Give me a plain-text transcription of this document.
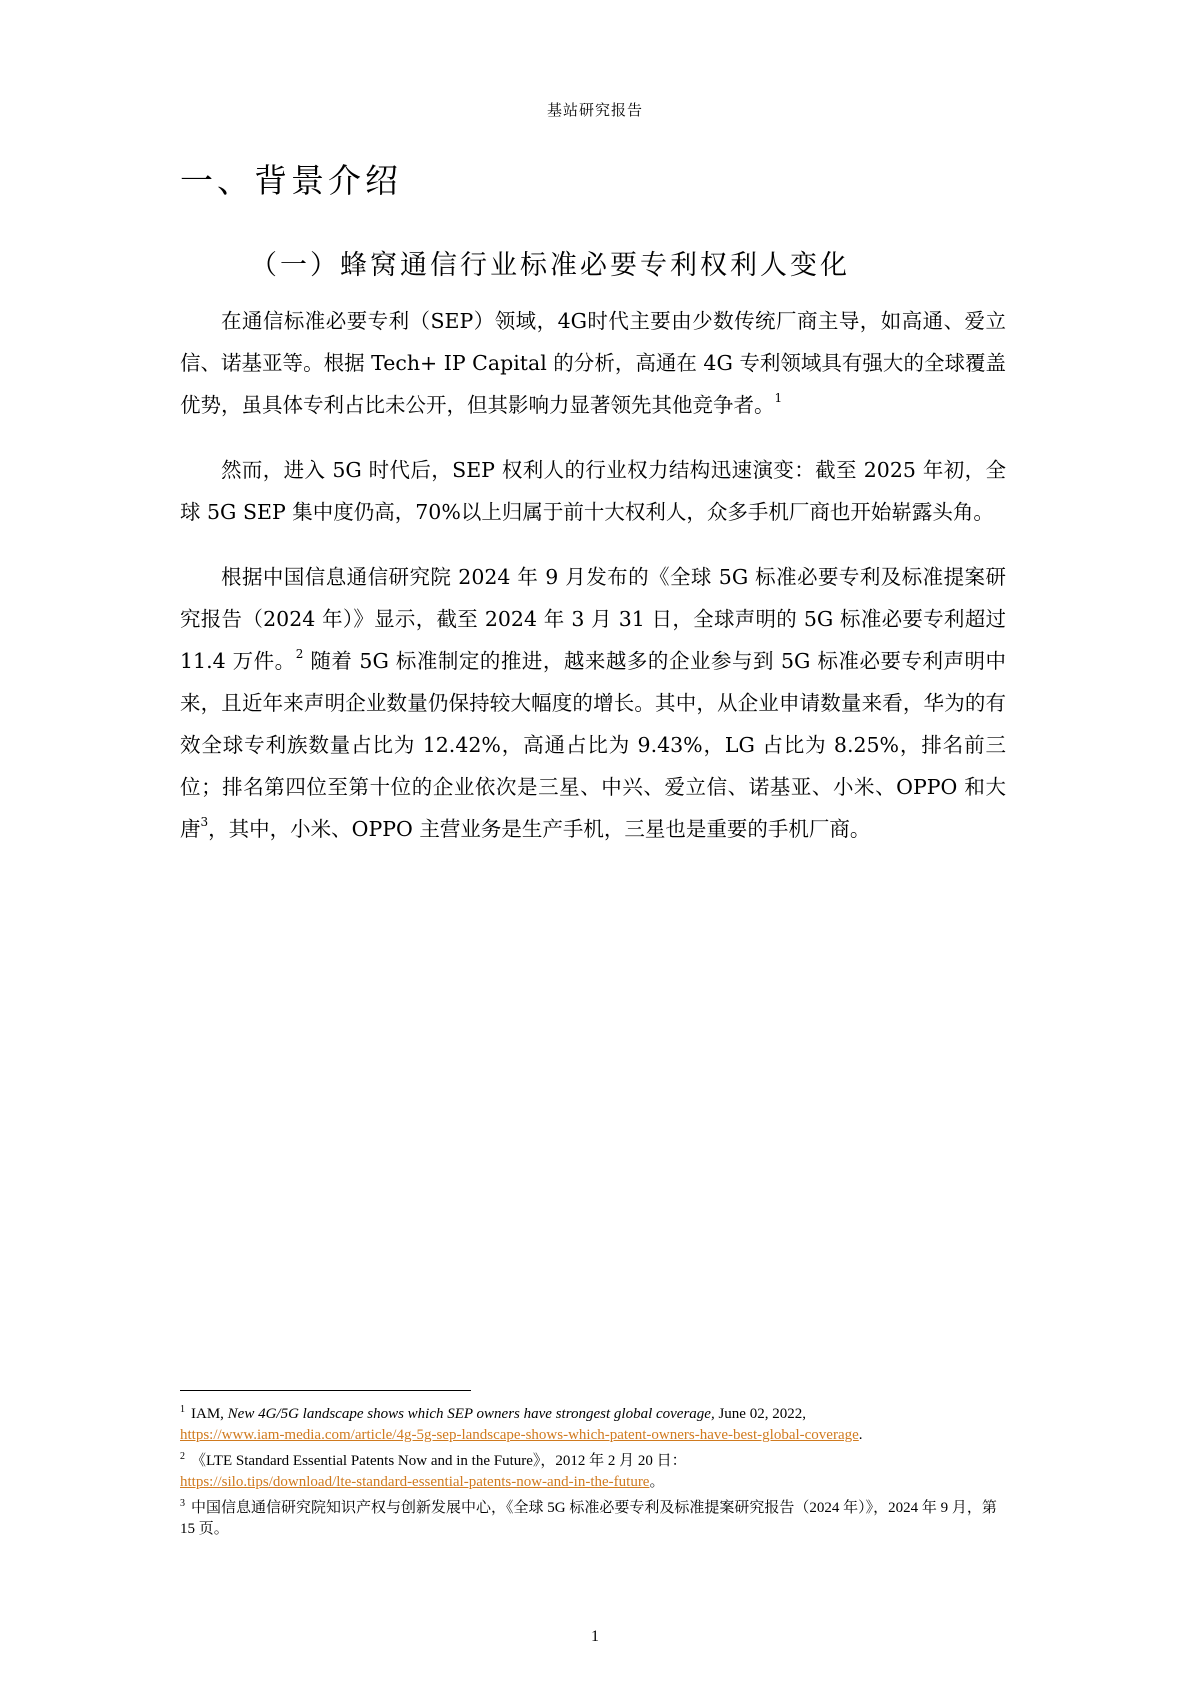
基站研究报告
一、背景介绍
（一）蜂窝通信行业标准必要专利权利人变化

在通信标准必要专利（SEP）领域，4G时代主要由少数传统厂商主导，如高通、爱立信、诺基亚等。根据 Tech+ IP Capital 的分析，高通在 4G 专利领域具有强大的全球覆盖优势，虽具体专利占比未公开，但其影响力显著领先其他竞争者。$^1$

然而，进入 5G 时代后，SEP 权利人的行业权力结构迅速演变：截至 2025 年初，全球 5G SEP 集中度仍高，70%以上归属于前十大权利人，众多手机厂商也开始崭露头角。

根据中国信息通信研究院 2024 年 9 月发布的《全球 5G 标准必要专利及标准提案研究报告（2024 年）》显示，截至 2024 年 3 月 31 日，全球声明的 5G 标准必要专利超过 11.4 万件。$^2$ 随着 5G 标准制定的推进，越来越多的企业参与到 5G 标准必要专利声明中来，且近年来声明企业数量仍保持较大幅度的增长。其中，从企业申请数量来看，华为的有效全球专利族数量占比为 12.42%，高通占比为 9.43%，LG 占比为 8.25%，排名前三位；排名第四位至第十位的企业依次是三星、中兴、爱立信、诺基亚、小米、OPPO 和大唐$^3$，其中，小米、OPPO 主营业务是生产手机，三星也是重要的手机厂商。

$^1$ IAM, New 4G/5G landscape shows which SEP owners have strongest global coverage, June 02, 2022,
https://www.iam-media.com/article/4g-5g-sep-landscape-shows-which-patent-owners-have-best-global-coverage.

$^2$ 《LTE Standard Essential Patents Now and in the Future》，2012 年 2 月 20 日：
https://silo.tips/download/lte-standard-essential-patents-now-and-in-the-future。

$^3$ 中国信息通信研究院知识产权与创新发展中心，《全球 5G 标准必要专利及标准提案研究报告（2024 年）》，2024 年 9 月，第 15 页。

1
